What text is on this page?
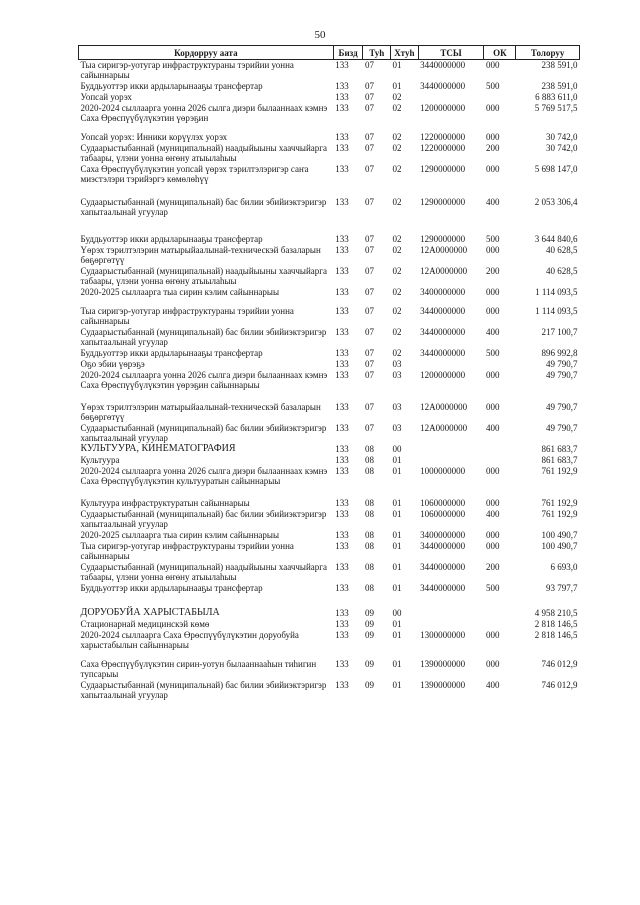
50
Кордорруу аата	Бизд	Туh	Хтуh	ТСЫ	ОК	Толоруу
Тыа сиригэр-уотугар инфраструктураны тэрийии уонна сайыннарыы	133	07	01	3440000000	000	238 591,0
Буддьуоттэр икки ардыларынааҕы трансфертар	133	07	01	3440000000	500	238 591,0
Уопсай уорэх	133	07	02			6 883 611,0
2020-2024 сыллаарга уонна 2026 сылга диэри былааннаах кэмнэ Саха Өрөспүүбүлүкэтин үөрэҕин	133	07	02	1200000000	000	5 769 517,5
Уопсай уорэх: Инники корүүлэх уорэх	133	07	02	1220000000	000	30 742,0
Судаарыстыбаннай (муниципальнай) наадыйыыны хааччыйарга табаары, үлэни уонна өҥөну атыылаһыы	133	07	02	1220000000	200	30 742,0
Саха Өрөспүүбүлүкэтин уопсай үөрэх тэрилтэлэригэр саҥа миэстэлэри тэрийэргэ көмөлөһүү	133	07	02	1290000000	000	5 698 147,0
Судаарыстыбаннай (муниципальнай) бас билии эбийиэктэригэр хапытаалынай угуулар	133	07	02	1290000000	400	2 053 306,4
Буддьуоттэр икки ардыларынааҕы трансфертар	133	07	02	1290000000	500	3 644 840,6
Үөрэх тэрилтэлэрин матырыйаалынай-техническэй базаларын бөҕөргөтүү	133	07	02	12А0000000	000	40 628,5
Судаарыстыбаннай (муниципальнай) наадыйыыны хааччыйарга табаары, үлэни уонна өҥөну атыылаһыы	133	07	02	12А0000000	200	40 628,5
2020-2025 сыллаарга тыа сирин кэлим сайыннарыы	133	07	02	3400000000	000	1 114 093,5
Тыа сиригэр-уотугар инфраструктураны тэрийии уонна сайыннарыы	133	07	02	3440000000	000	1 114 093,5
Судаарыстыбаннай (муниципальнай) бас билии эбийиэктэригэр хапытаалынай угуулар	133	07	02	3440000000	400	217 100,7
Буддьуоттэр икки ардыларынааҕы трансфертар	133	07	02	3440000000	500	896 992,8
Оҕо эбии үөрэҕэ	133	07	03			49 790,7
2020-2024 сыллаарга уонна 2026 сылга диэри былааннаах кэмнэ Саха Өрөспүүбүлүкэтин үөрэҕин сайыннарыы	133	07	03	1200000000	000	49 790,7
Үөрэх тэрилтэлэрин матырыйаалынай-техническэй базаларын бөҕөргөтүү	133	07	03	12А0000000	000	49 790,7
Судаарыстыбаннай (муниципальнай) бас билии эбийиэктэригэр хапытаалынай угуулар	133	07	03	12А0000000	400	49 790,7
КУЛЬТУУРА, КИНЕМАТОГРАФИЯ	133	08	00			861 683,7
Культуура	133	08	01			861 683,7
2020-2024 сыллаарга уонна 2026 сылга диэри былааннаах кэмнэ Саха Өрөспүүбүлүкэтин культууратын сайыннарыы	133	08	01	1000000000	000	761 192,9
Культуура инфраструктуратын сайыннарыы	133	08	01	1060000000	000	761 192,9
Судаарыстыбаннай (муниципальнай) бас билии эбийиэктэригэр хапытаалынай угуулар	133	08	01	1060000000	400	761 192,9
2020-2025 сыллаарга тыа сирин кэлим сайыннарыы	133	08	01	3400000000	000	100 490,7
Тыа сиригэр-уотугар инфраструктураны тэрийии уонна сайыннарыы	133	08	01	3440000000	000	100 490,7
Судаарыстыбаннай (муниципальнай) наадыйыыны хааччыйарга табаары, үлэни уонна өҥөну атыылаһыы	133	08	01	3440000000	200	6 693,0
Буддьуоттэр икки ардыларынааҕы трансфертар	133	08	01	3440000000	500	93 797,7
ДОРУОБУЙА ХАРЫСТАБЫЛА	133	09	00			4 958 210,5
Стационарнай медицинскэй көмө	133	09	01			2 818 146,5
2020-2024 сыллаарга Саха Өрөспүүбүлүкэтин доруобуйа харыстабылын сайыннарыы	133	09	01	1300000000	000	2 818 146,5
Саха Өрөспүүбүлүкэтин сирин-уотун былааннааһын тиһигин тупсарыы	133	09	01	1390000000	000	746 012,9
Судаарыстыбаннай (муниципальнай) бас билии эбийиэктэригэр хапытаалынай угуулар	133	09	01	1390000000	400	746 012,9
